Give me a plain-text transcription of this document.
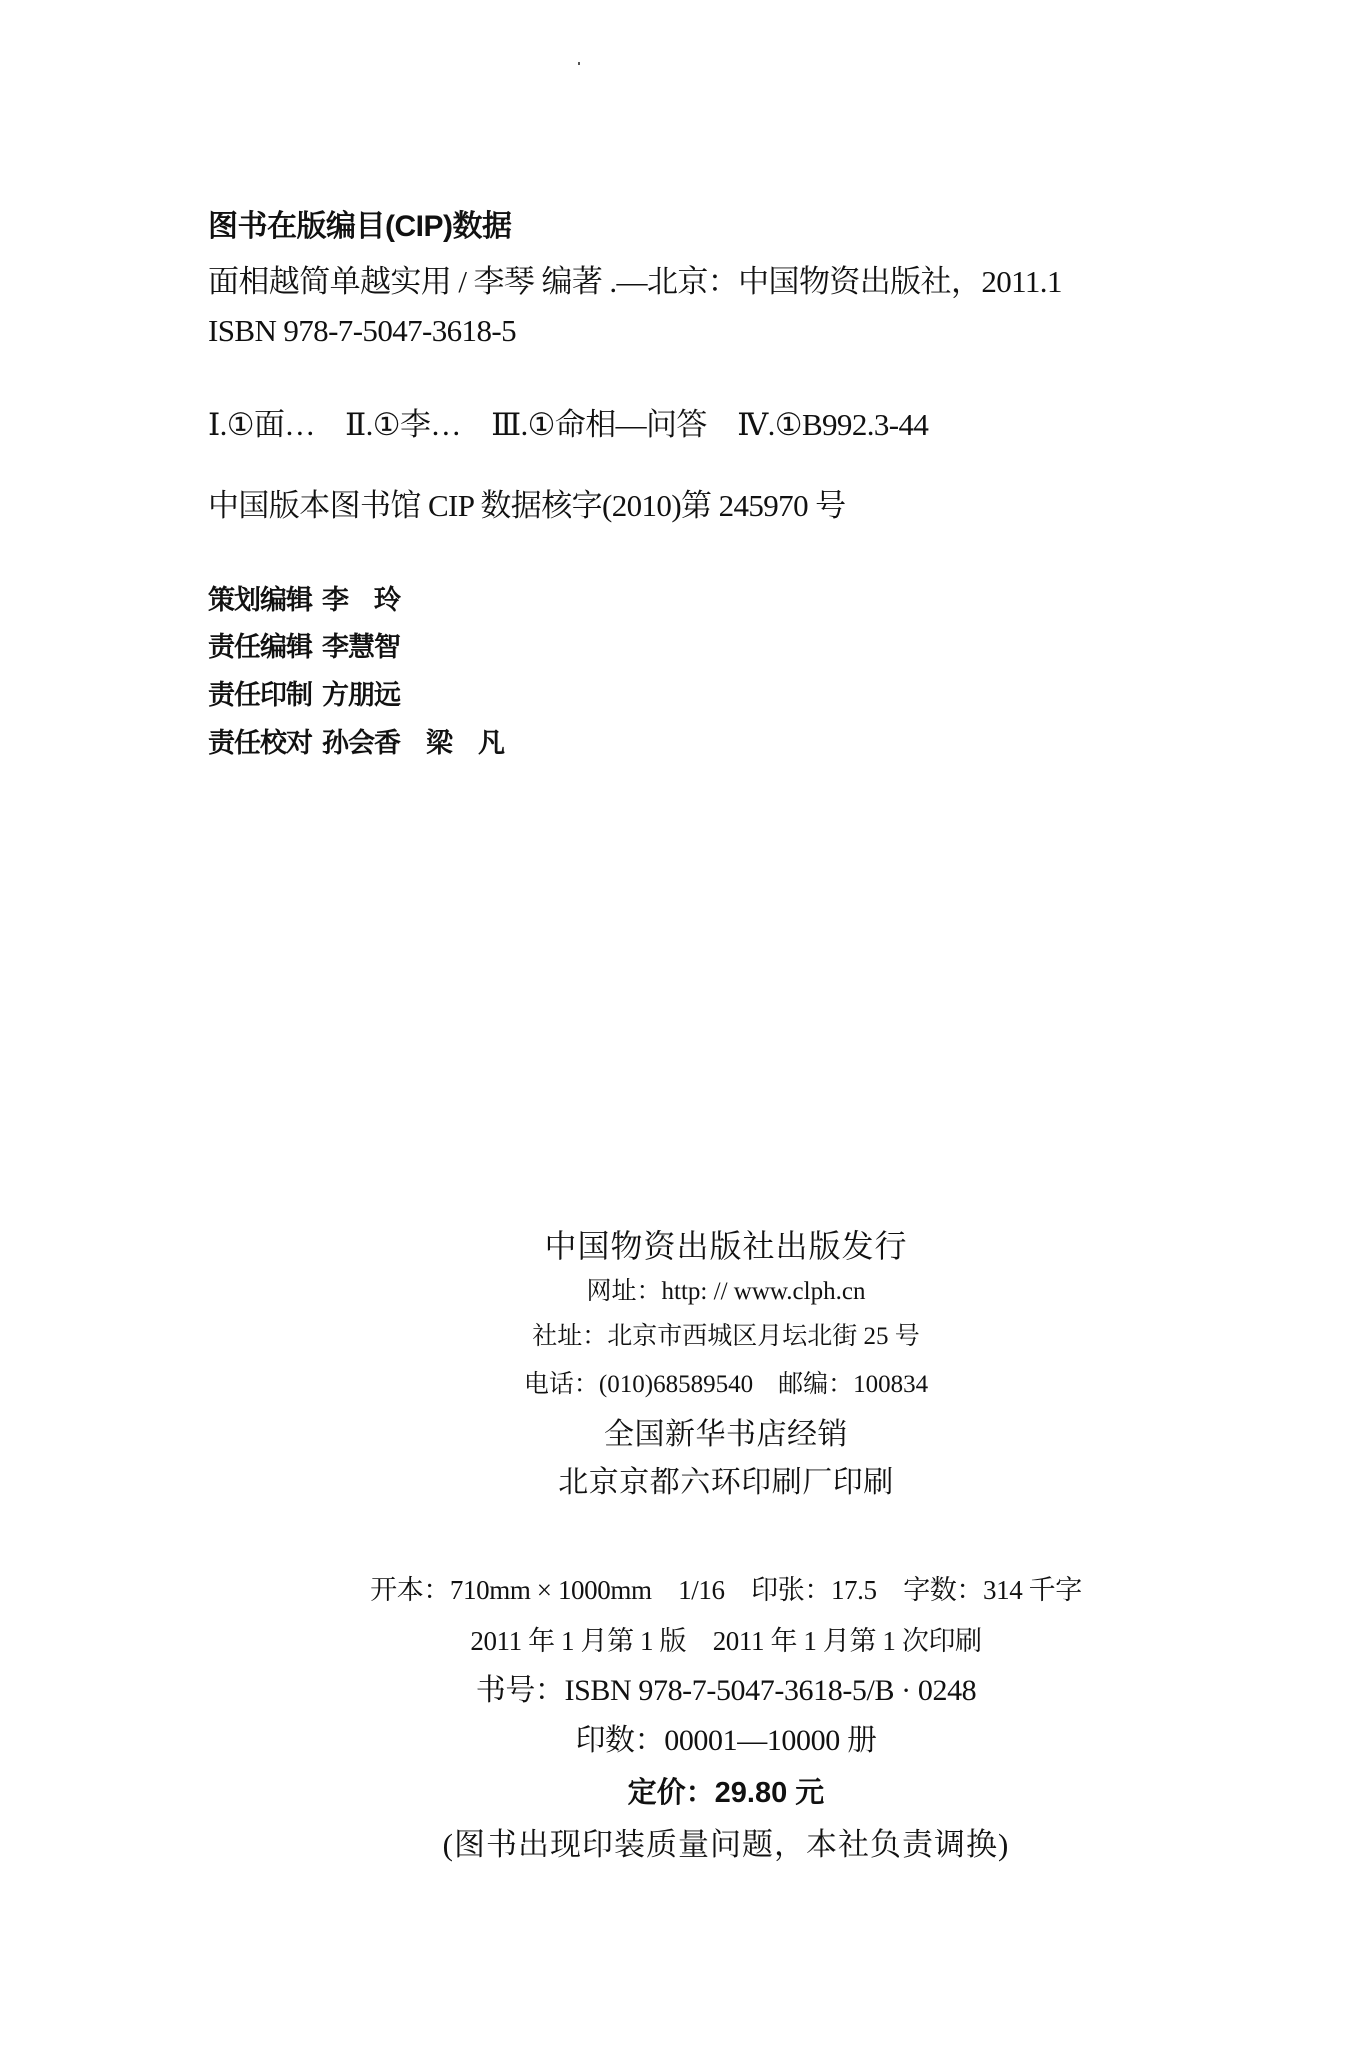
图书在版编目(CIP)数据
面相越简单越实用 / 李琴 编著 .—北京：中国物资出版社，2011.1
ISBN 978-7-5047-3618-5
Ⅰ.①面…　Ⅱ.①李…　Ⅲ.①命相—问答　Ⅳ.①B992.3-44
中国版本图书馆 CIP 数据核字(2010)第 245970 号
策划编辑 李　玲
责任编辑 李慧智
责任印制 方朋远
责任校对 孙会香　梁　凡
中国物资出版社出版发行
网址：http: // www.clph.cn
社址：北京市西城区月坛北街 25 号
电话：(010)68589540　邮编：100834
全国新华书店经销
北京京都六环印刷厂印刷
开本：710mm × 1000mm　1/16　印张：17.5　字数：314 千字
2011 年 1 月第 1 版　2011 年 1 月第 1 次印刷
书号：ISBN 978-7-5047-3618-5/B · 0248
印数：00001—10000 册
定价：29.80 元
(图书出现印装质量问题，本社负责调换)
